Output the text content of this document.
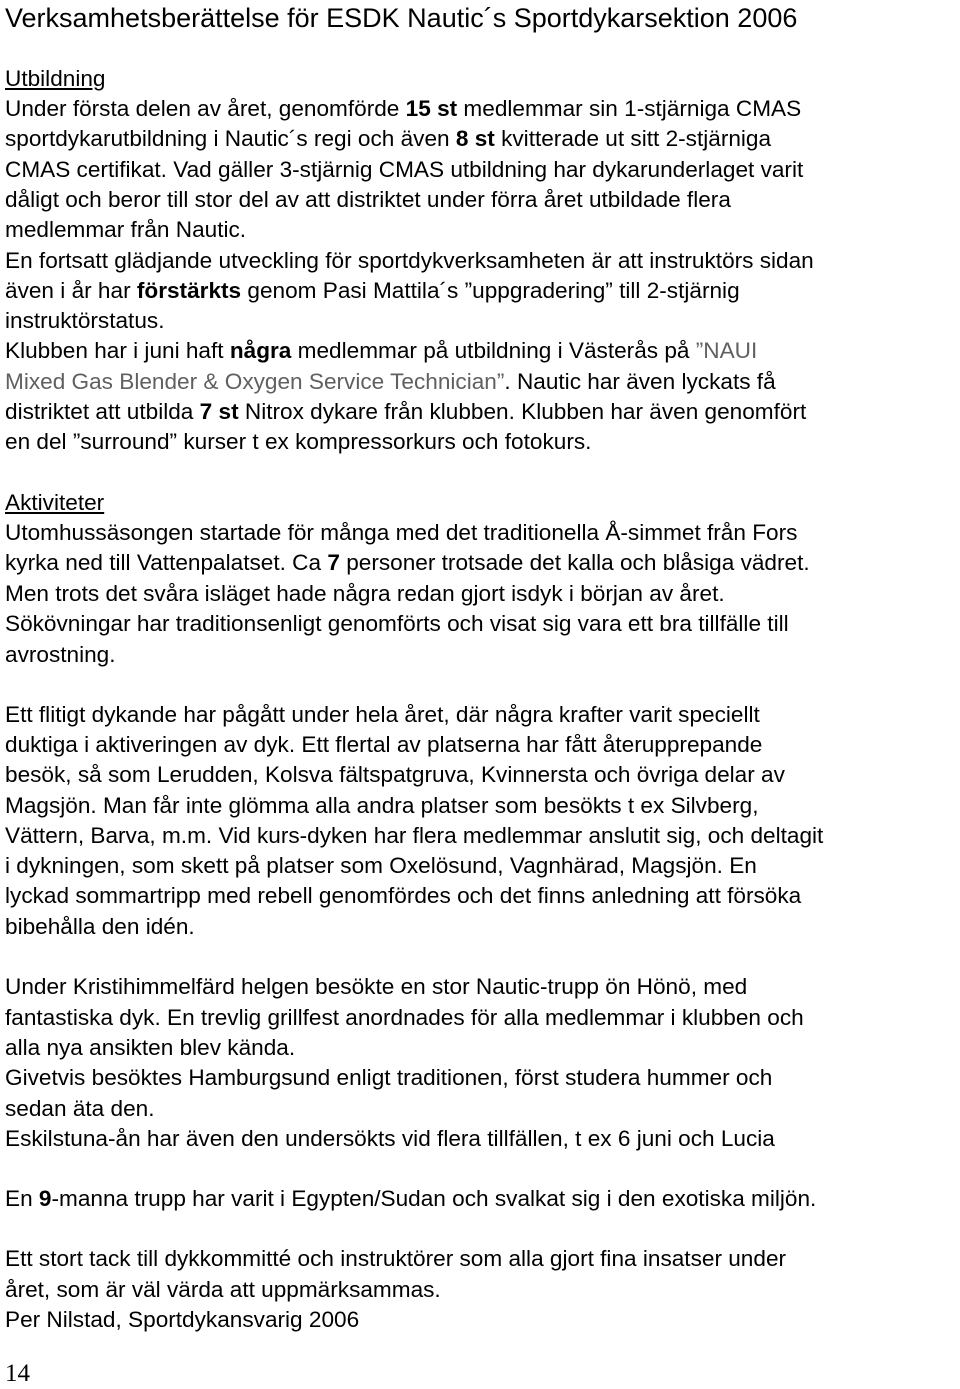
Verksamhetsberättelse för ESDK Nautic´s Sportdykarsektion 2006
Utbildning
Under första delen av året, genomförde 15 st medlemmar sin 1-stjärniga CMAS
sportdykarutbildning i Nautic´s regi och även 8 st kvitterade ut sitt 2-stjärniga
CMAS certifikat. Vad gäller 3-stjärnig CMAS utbildning har dykarunderlaget varit
dåligt och beror till stor del av att distriktet under förra året utbildade flera
medlemmar från Nautic.
En fortsatt glädjande utveckling för sportdykverksamheten är att instruktörs sidan
även i år har förstärkts genom Pasi Mattila´s ”uppgradering” till 2-stjärnig
instruktörstatus.
Klubben har i juni haft några medlemmar på utbildning i Västerås på ”NAUI
Mixed Gas Blender & Oxygen Service Technician”. Nautic har även lyckats få
distriktet att utbilda 7 st Nitrox dykare från klubben. Klubben har även genomfört
en del ”surround” kurser t ex kompressorkurs och fotokurs.
Aktiviteter
Utomhussäsongen startade för många med det traditionella Å-simmet från Fors
kyrka ned till Vattenpalatset. Ca 7 personer trotsade det kalla och blåsiga vädret.
Men trots det svåra isläget hade några redan gjort isdyk i början av året.
Sökövningar har traditionsenligt genomförts och visat sig vara ett bra tillfälle till
avrostning.
Ett flitigt dykande har pågått under hela året, där några krafter varit speciellt
duktiga i aktiveringen av dyk. Ett flertal av platserna har fått återupprepande
besök, så som Lerudden, Kolsva fältspatgruva, Kvinnersta och övriga delar av
Magsjön. Man får inte glömma alla andra platser som besökts t ex Silvberg,
Vättern, Barva, m.m. Vid kurs-dyken har flera medlemmar anslutit sig, och deltagit
i dykningen, som skett på platser som Oxelösund, Vagnhärad, Magsjön. En
lyckad sommartripp med rebell genomfördes och det finns anledning att försöka
bibehålla den idén.
Under Kristihimmelfärd helgen besökte en stor Nautic-trupp ön Hönö, med
fantastiska dyk. En trevlig grillfest anordnades för alla medlemmar i klubben och
alla nya ansikten blev kända.
Givetvis besöktes Hamburgsund enligt traditionen, först studera hummer och
sedan äta den.
Eskilstuna-ån har även den undersökts vid flera tillfällen, t ex 6 juni och Lucia
En 9-manna trupp har varit i Egypten/Sudan och svalkat sig i den exotiska miljön.
Ett stort tack till dykkommitté och instruktörer som alla gjort fina insatser under
året, som är väl värda att uppmärksammas.
Per Nilstad, Sportdykansvarig 2006
14
